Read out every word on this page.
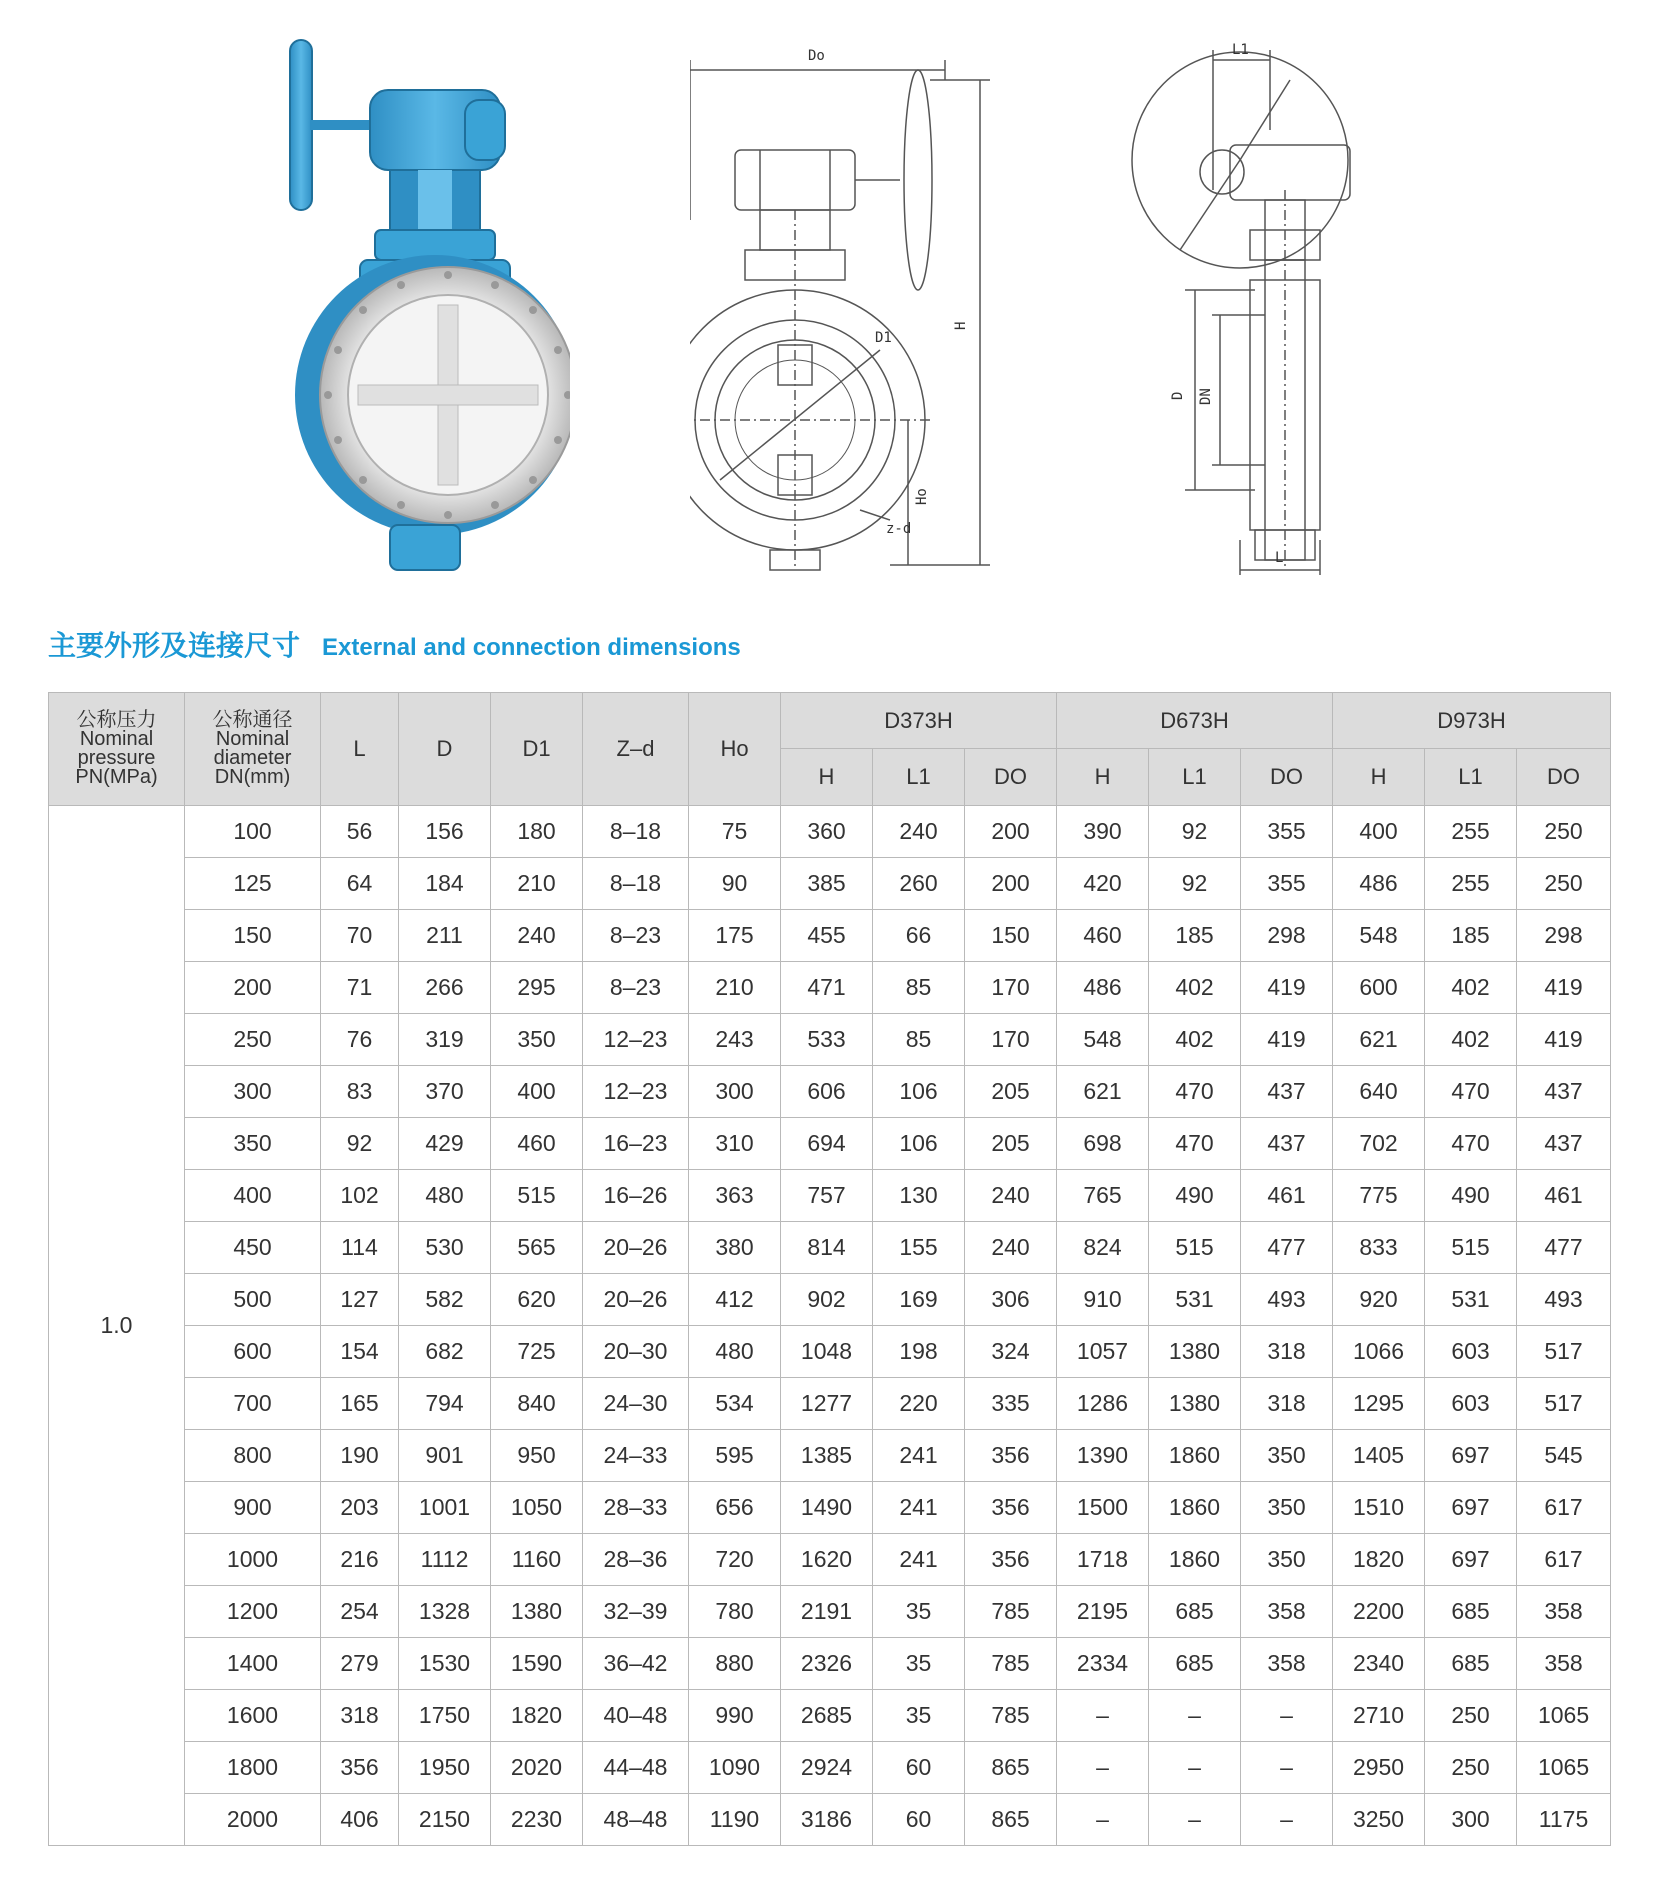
Do
D1
H
Ho
z-d
L1
D DN
L
主要外形及连接尺寸 External and connection dimensions
公称压力
Nominal
pressure
PN(MPa)	公称通径
Nominal
diameter
DN(mm)	L	D	D1	Z–d	Ho	D373H			D673H			D973H		
							H	L1	DO	H	L1	DO	H	L1	DO
1.0	100	56	156	180	8–18	75	360	240	200	390	92	355	400	255	250
	125	64	184	210	8–18	90	385	260	200	420	92	355	486	255	250
	150	70	211	240	8–23	175	455	66	150	460	185	298	548	185	298
	200	71	266	295	8–23	210	471	85	170	486	402	419	600	402	419
	250	76	319	350	12–23	243	533	85	170	548	402	419	621	402	419
	300	83	370	400	12–23	300	606	106	205	621	470	437	640	470	437
	350	92	429	460	16–23	310	694	106	205	698	470	437	702	470	437
	400	102	480	515	16–26	363	757	130	240	765	490	461	775	490	461
	450	114	530	565	20–26	380	814	155	240	824	515	477	833	515	477
	500	127	582	620	20–26	412	902	169	306	910	531	493	920	531	493
	600	154	682	725	20–30	480	1048	198	324	1057	1380	318	1066	603	517
	700	165	794	840	24–30	534	1277	220	335	1286	1380	318	1295	603	517
	800	190	901	950	24–33	595	1385	241	356	1390	1860	350	1405	697	545
	900	203	1001	1050	28–33	656	1490	241	356	1500	1860	350	1510	697	617
	1000	216	1112	1160	28–36	720	1620	241	356	1718	1860	350	1820	697	617
	1200	254	1328	1380	32–39	780	2191	35	785	2195	685	358	2200	685	358
	1400	279	1530	1590	36–42	880	2326	35	785	2334	685	358	2340	685	358
	1600	318	1750	1820	40–48	990	2685	35	785	–	–	–	2710	250	1065
	1800	356	1950	2020	44–48	1090	2924	60	865	–	–	–	2950	250	1065
	2000	406	2150	2230	48–48	1190	3186	60	865	–	–	–	3250	300	1175
